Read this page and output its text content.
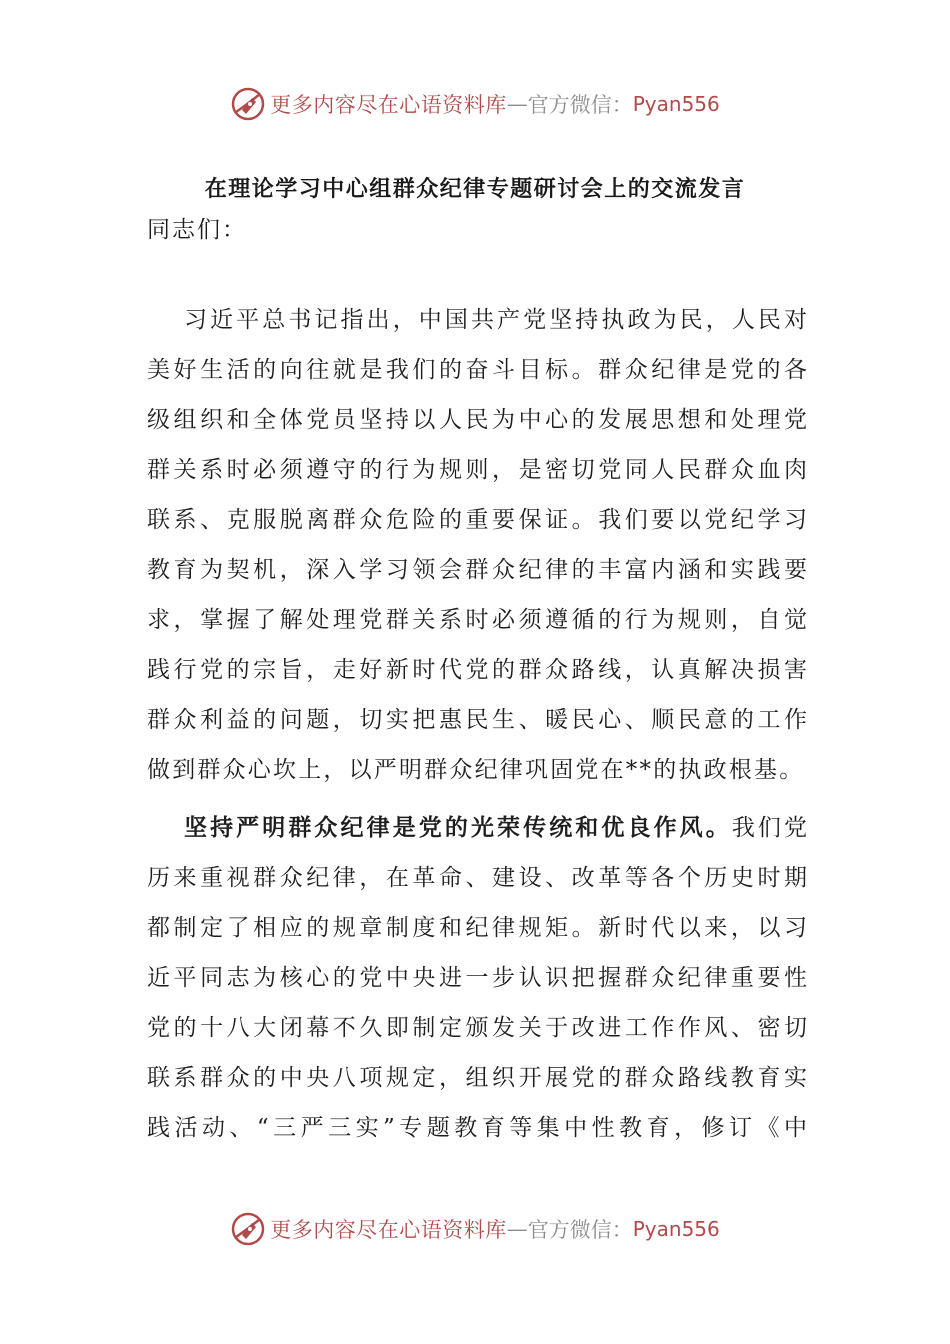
更多内容尽在心语资料库 — 官方微信： Pyan556
在理论学习中心组群众纪律专题研讨会上的交流发言
同志们：
习近平总书记指出，中国共产党坚持执政为民，人民对
美好生活的向往就是我们的奋斗目标。群众纪律是党的各
级组织和全体党员坚持以人民为中心的发展思想和处理党
群关系时必须遵守的行为规则，是密切党同人民群众血肉
联系、克服脱离群众危险的重要保证。我们要以党纪学习
教育为契机，深入学习领会群众纪律的丰富内涵和实践要
求，掌握了解处理党群关系时必须遵循的行为规则，自觉
践行党的宗旨，走好新时代党的群众路线，认真解决损害
群众利益的问题，切实把惠民生、暖民心、顺民意的工作
做到群众心坎上，以严明群众纪律巩固党在**的执政根基。
坚持严明群众纪律是党的光荣传统和优良作风。我们党
历来重视群众纪律，在革命、建设、改革等各个历史时期
都制定了相应的规章制度和纪律规矩。新时代以来，以习
近平同志为核心的党中央进一步认识把握群众纪律重要性
党的十八大闭幕不久即制定颁发关于改进工作作风、密切
联系群众的中央八项规定，组织开展党的群众路线教育实
践活动、“三严三实”专题教育等集中性教育，修订《中
更多内容尽在心语资料库 — 官方微信： Pyan556
